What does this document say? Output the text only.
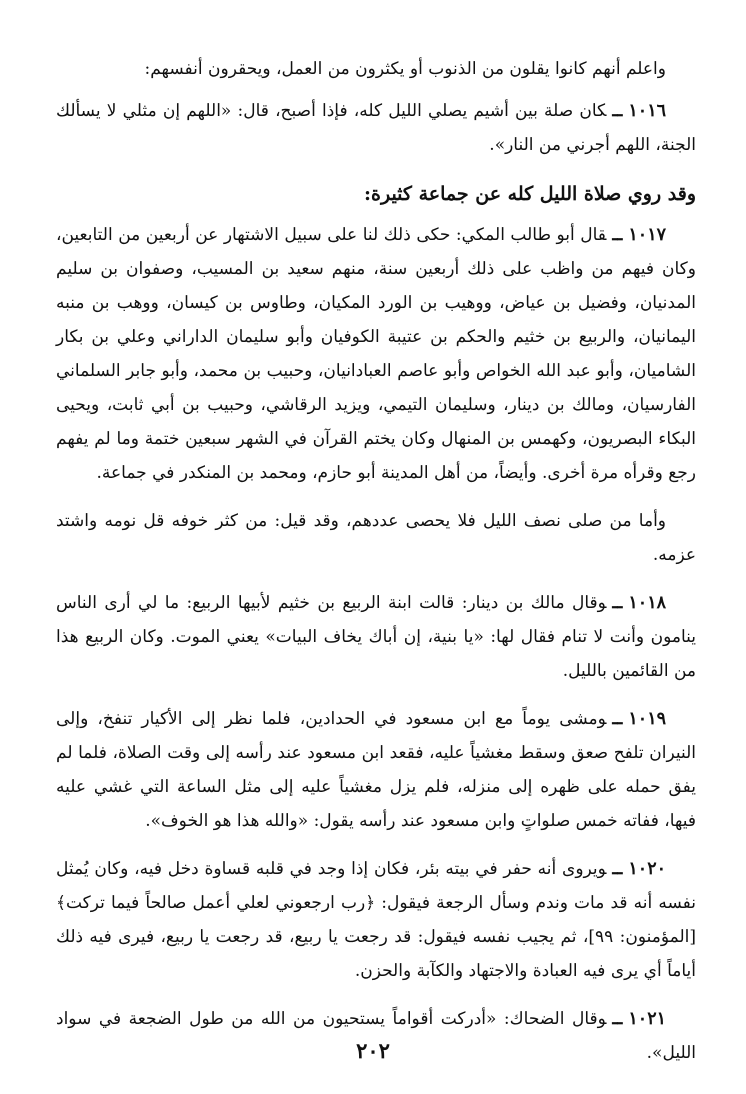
واعلم أنهم كانوا يقلون من الذنوب أو يكثرون من العمل، ويحقرون أنفسهم:

١٠١٦ــكان صلة بين أشيم يصلي الليل كله، فإذا أصبح، قال: «اللهم إن مثلي لا يسألك الجنة، اللهم أجرني من النار».

وقد روي صلاة الليل كله عن جماعة كثيرة:

١٠١٧ــقال أبو طالب المكي: حكى ذلك لنا على سبيل الاشتهار عن أربعين من التابعين، وكان فيهم من واظب على ذلك أربعين سنة، منهم سعيد بن المسيب، وصفوان بن سليم المدنيان، وفضيل بن عياض، ووهيب بن الورد المكيان، وطاوس بن كيسان، ووهب بن منبه اليمانيان، والربيع بن خثيم والحكم بن عتيبة الكوفيان وأبو سليمان الداراني وعلي بن بكار الشاميان، وأبو عبد الله الخواص وأبو عاصم العبادانيان، وحبيب بن محمد، وأبو جابر السلماني الفارسيان، ومالك بن دينار، وسليمان التيمي، ويزيد الرقاشي، وحبيب بن أبي ثابت، ويحيى البكاء البصريون، وكهمس بن المنهال وكان يختم القرآن في الشهر سبعين ختمة وما لم يفهم رجع وقرأه مرة أخرى. وأيضاً، من أهل المدينة أبو حازم، ومحمد بن المنكدر في جماعة.

وأما من صلى نصف الليل فلا يحصى عددهم، وقد قيل: من كثر خوفه قل نومه واشتد عزمه.

١٠١٨ــوقال مالك بن دينار: قالت ابنة الربيع بن خثيم لأبيها الربيع: ما لي أرى الناس ينامون وأنت لا تنام فقال لها: «يا بنية، إن أباك يخاف البيات» يعني الموت. وكان الربيع هذا من القائمين بالليل.

١٠١٩ــومشى يوماً مع ابن مسعود في الحدادين، فلما نظر إلى الأكيار تنفخ، وإلى النيران تلفح صعق وسقط مغشياً عليه، فقعد ابن مسعود عند رأسه إلى وقت الصلاة، فلما لم يفق حمله على ظهره إلى منزله، فلم يزل مغشياً عليه إلى مثل الساعة التي غشي عليه فيها، ففاته خمس صلواتٍ وابن مسعود عند رأسه يقول: «والله هذا هو الخوف».

١٠٢٠ــويروى أنه حفر في بيته بئر، فكان إذا وجد في قلبه قساوة دخل فيه، وكان يُمثل نفسه أنه قد مات وندم وسأل الرجعة فيقول: ﴿رب ارجعوني لعلي أعمل صالحاً فيما تركت﴾ [المؤمنون: ٩٩]، ثم يجيب نفسه فيقول: قد رجعت يا ربيع، قد رجعت يا ربيع، فيرى فيه ذلك أياماً أي يرى فيه العبادة والاجتهاد والكآبة والحزن.

١٠٢١ــوقال الضحاك: «أدركت أقواماً يستحيون من الله من طول الضجعة في سواد الليل».

٢٠٢
